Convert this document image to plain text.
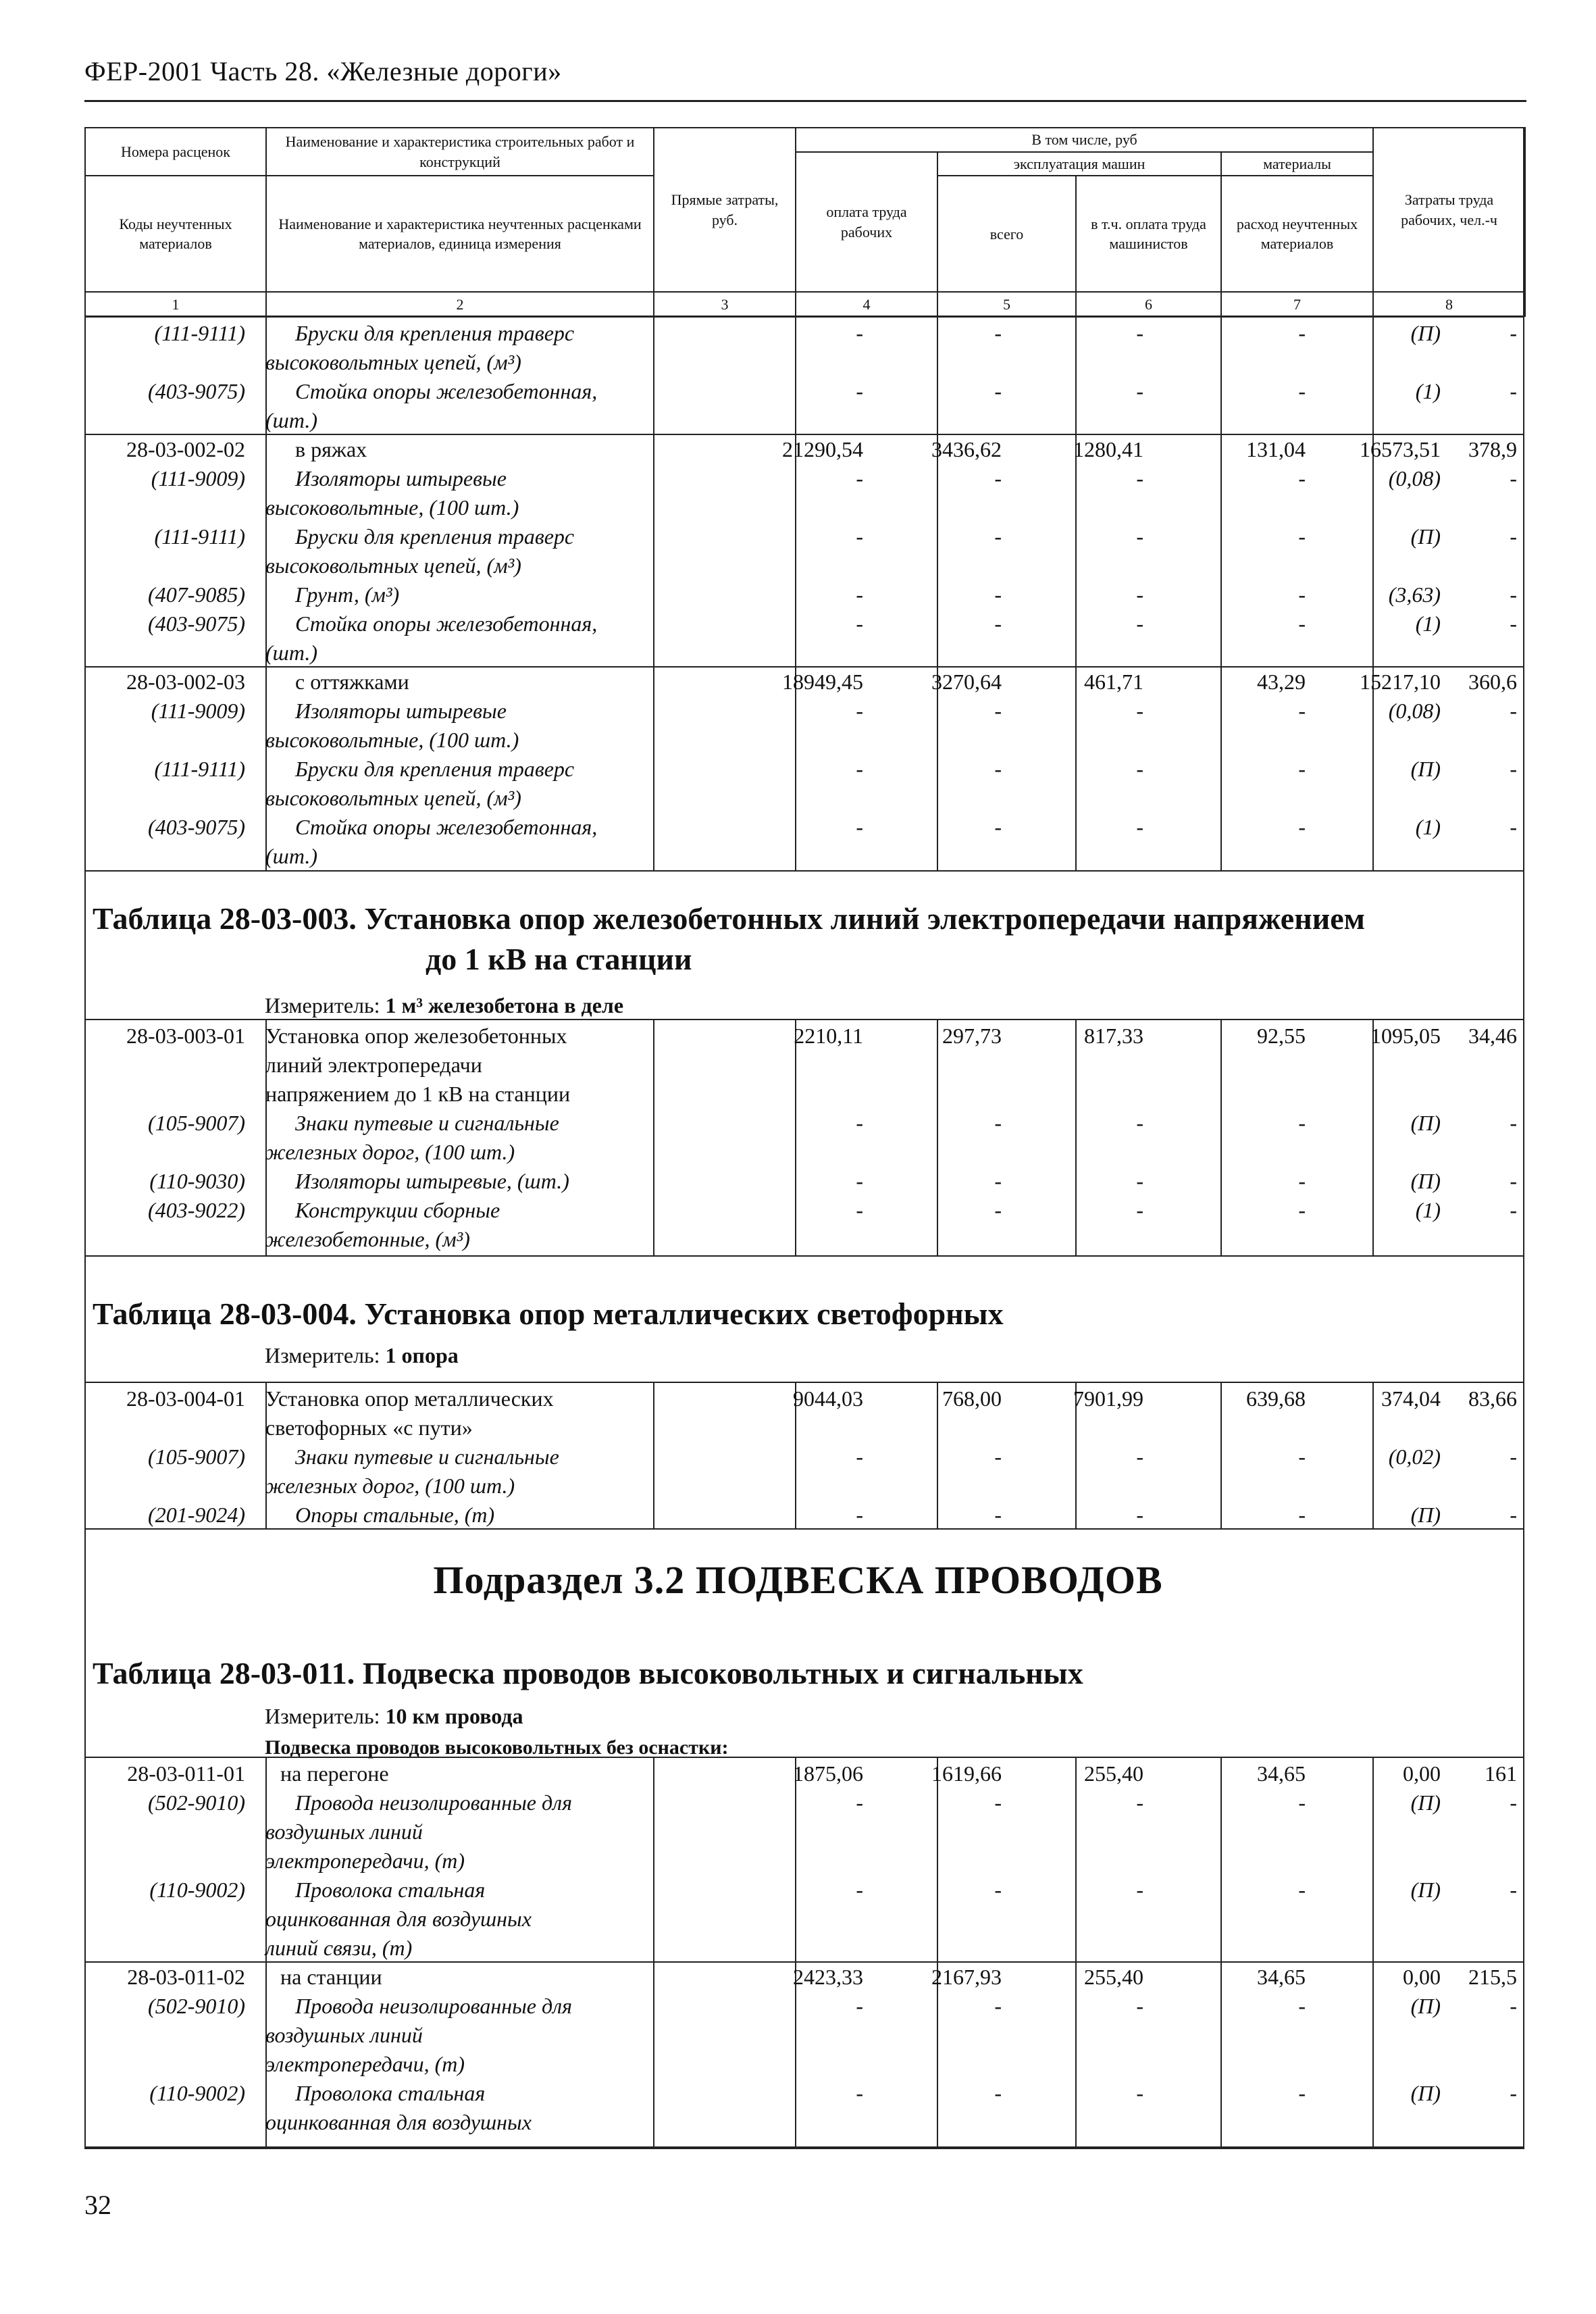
ФЕР-2001 Часть 28. «Железные дороги»
Номера расценок	Наименование и характеристика строительных работ и конструкций	Прямые затраты, руб.	В том числе, руб				Затраты труда рабочих, чел.-ч
			оплата труда рабочих	эксплуатация машин		материалы	
Коды неучтенных материалов	Наименование и характеристика неучтенных расценками материалов, единица измерения			всего	в т.ч. оплата труда машинистов	расход неучтенных материалов	

1	2	3	4	5	6	7	8
Таблица 28-03-003. Установка опор железобетонных линий электропередачи напряжением
до 1 кВ на станции
Измеритель: 1 м³ железобетона в деле
Таблица 28-03-004. Установка опор металлических светофорных
Измеритель: 1 опора
Подраздел 3.2 ПОДВЕСКА ПРОВОДОВ
Таблица 28-03-011. Подвеска проводов высоковольтных и сигнальных
Измеритель: 10 км провода
Подвеска проводов высоковольтных без оснастки:
(111-9111)	Бруски для крепления траверс	-	-	-	-	(П)	-
высоковольтных цепей, (м³)
(403-9075)	Стойка опоры железобетонная,	-	-	-	-	(1)	-
(шт.)
28-03-002-02	в ряжах	21290,54	3436,62	1280,41	131,04	16573,51	378,9
(111-9009)	Изоляторы штыревые	-	-	-	-	(0,08)	-
высоковольтные, (100 шт.)
(111-9111)	Бруски для крепления траверс	-	-	-	-	(П)	-
высоковольтных цепей, (м³)
(407-9085)	Грунт, (м³)	-	-	-	-	(3,63)	-
(403-9075)	Стойка опоры железобетонная,	-	-	-	-	(1)	-
(шт.)
28-03-002-03	с оттяжками	18949,45	3270,64	461,71	43,29	15217,10	360,6
(111-9009)	Изоляторы штыревые	-	-	-	-	(0,08)	-
высоковольтные, (100 шт.)
(111-9111)	Бруски для крепления траверс	-	-	-	-	(П)	-
высоковольтных цепей, (м³)
(403-9075)	Стойка опоры железобетонная,	-	-	-	-	(1)	-
(шт.)
28-03-003-01 Установка опор железобетонных	2210,11	297,73	817,33	92,55	1095,05	34,46
линий электропередачи
напряжением до 1 кВ на станции
(105-9007)	Знаки путевые и сигнальные	-	-	-	-	(П)	-
железных дорог, (100 шт.)
(110-9030)	Изоляторы штыревые, (шт.)	-	-	-	-	(П)	-
(403-9022)	Конструкции сборные	-	-	-	-	(1)	-
железобетонные, (м³)
28-03-004-01 Установка опор металлических	9044,03	768,00	7901,99	639,68	374,04	83,66
светофорных «с пути»
(105-9007)	Знаки путевые и сигнальные	-	-	-	-	(0,02)	-
железных дорог, (100 шт.)
(201-9024)	Опоры стальные, (т)	-	-	-	-	(П)	-
28-03-011-01	на перегоне	1875,06	1619,66	255,40	34,65	0,00	161
(502-9010)	Провода неизолированные для	-	-	-	-	(П)	-
воздушных линий
электропередачи, (т)
(110-9002)	Проволока стальная	-	-	-	-	(П)	-
оцинкованная для воздушных
линий связи, (т)
28-03-011-02	на станции	2423,33	2167,93	255,40	34,65	0,00	215,5
(502-9010)	Провода неизолированные для	-	-	-	-	(П)	-
воздушных линий
электропередачи, (т)
(110-9002)	Проволока стальная	-	-	-	-	(П)	-
оцинкованная для воздушных
32
